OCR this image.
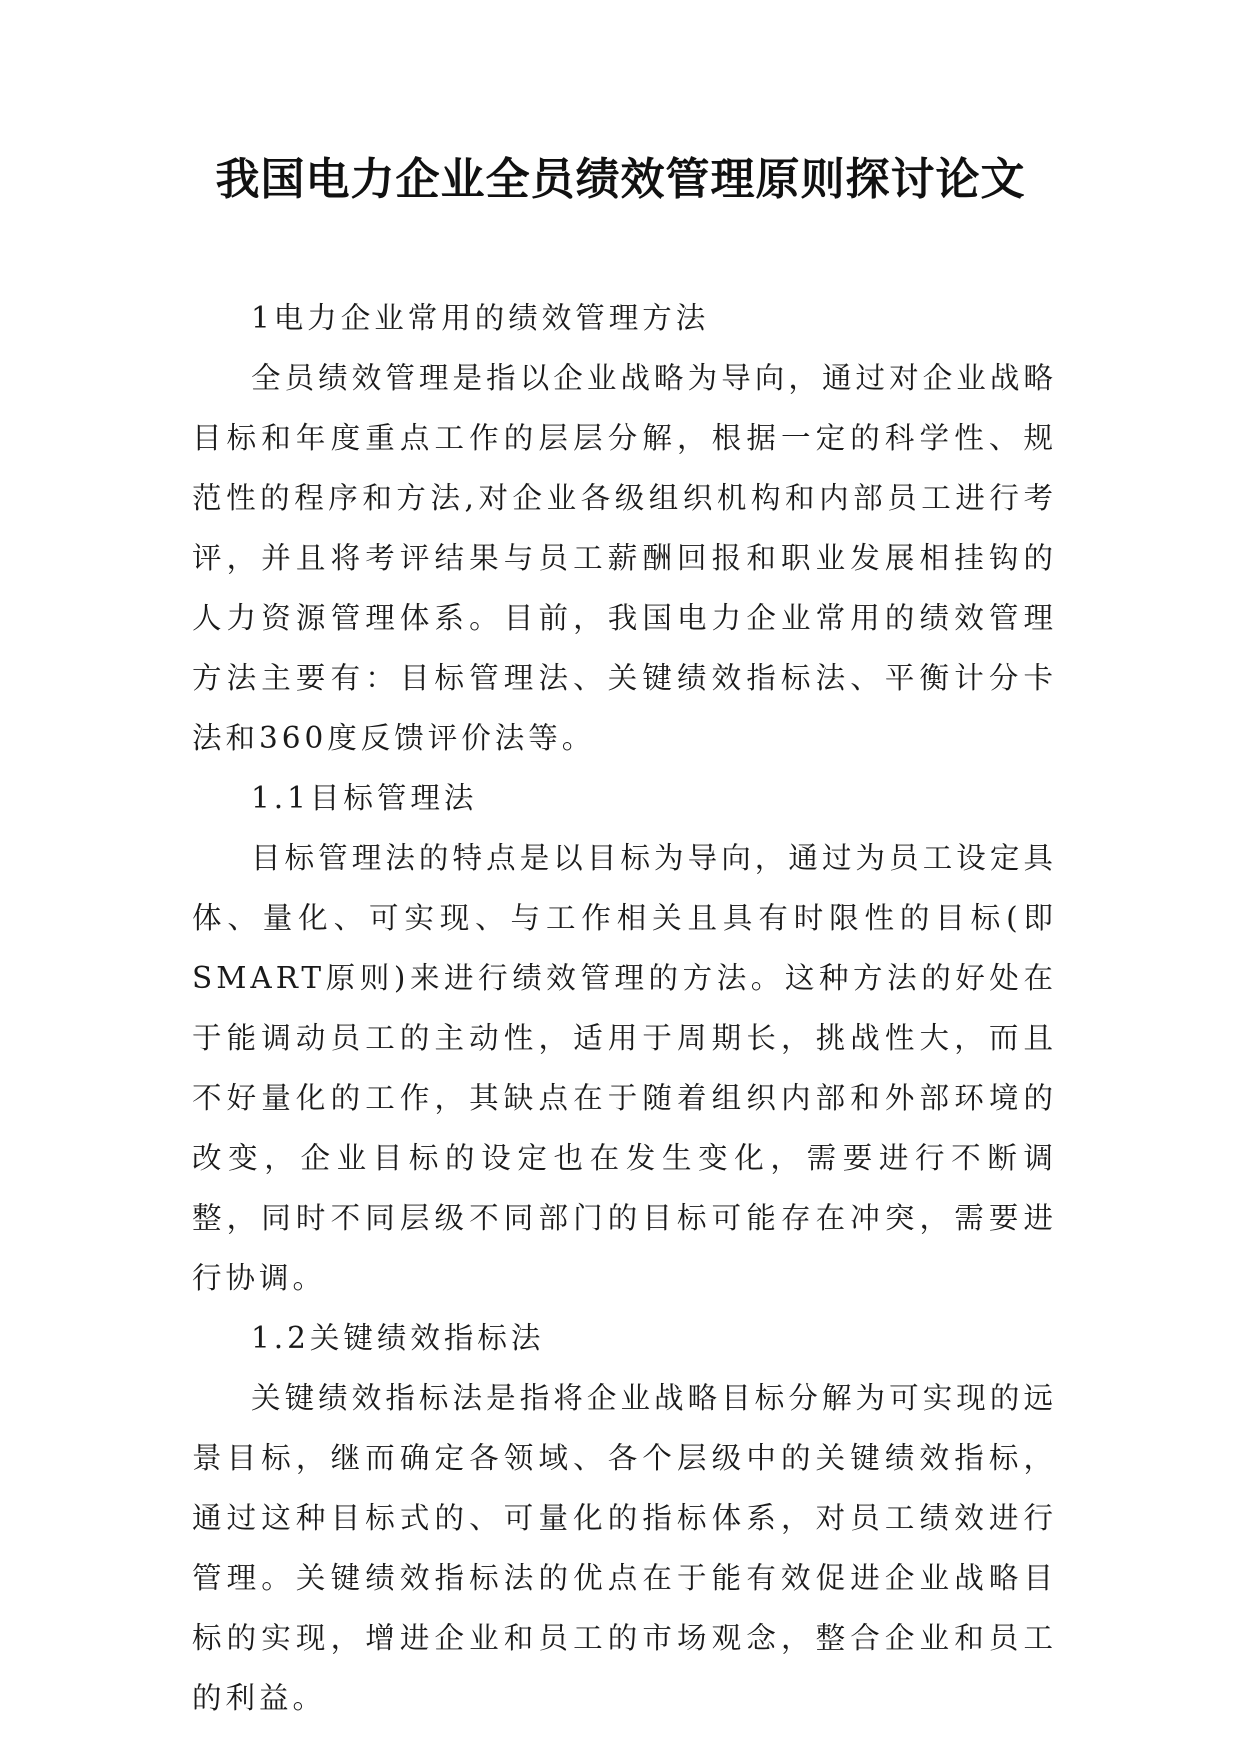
我国电力企业全员绩效管理原则探讨论文

1电力企业常用的绩效管理方法

全员绩效管理是指以企业战略为导向，通过对企业战略目标和年度重点工作的层层分解，根据一定的科学性、规范性的程序和方法,对企业各级组织机构和内部员工进行考评，并且将考评结果与员工薪酬回报和职业发展相挂钩的人力资源管理体系。目前，我国电力企业常用的绩效管理方法主要有：目标管理法、关键绩效指标法、平衡计分卡法和360度反馈评价法等。

1.1目标管理法

目标管理法的特点是以目标为导向，通过为员工设定具体、量化、可实现、与工作相关且具有时限性的目标(即SMART原则)来进行绩效管理的方法。这种方法的好处在于能调动员工的主动性，适用于周期长，挑战性大，而且不好量化的工作，其缺点在于随着组织内部和外部环境的改变，企业目标的设定也在发生变化，需要进行不断调整，同时不同层级不同部门的目标可能存在冲突，需要进行协调。

1.2关键绩效指标法

关键绩效指标法是指将企业战略目标分解为可实现的远景目标，继而确定各领域、各个层级中的关键绩效指标，通过这种目标式的、可量化的指标体系，对员工绩效进行管理。关键绩效指标法的优点在于能有效促进企业战略目标的实现，增进企业和员工的市场观念，整合企业和员工的利益。
